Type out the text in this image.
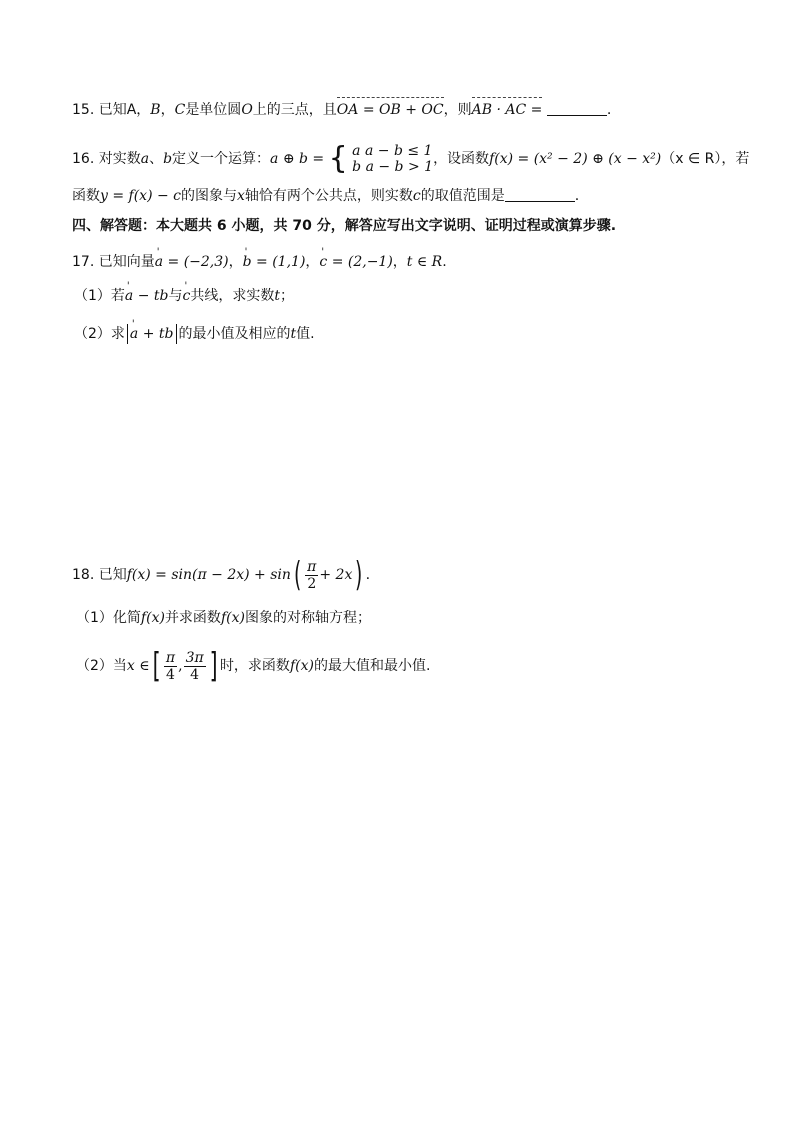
15. 已知A，B，C是单位圆O上的三点，且OA = OB + OC，则AB · AC =	.
16. 对实数a、b定义一个运算：a ⊕ b = { a a − b ≤ 1
b a − b > 1 ，设函数f(x) = (x² − 2) ⊕ (x − x²)（x ∈ R），若
函数y = f(x) − c的图象与x轴恰有两个公共点，则实数c的取值范围是	.
四、解答题：本大题共 6 小题，共 70 分，解答应写出文字说明、证明过程或演算步骤.
17. 已知向量' a = (−2,3)，' b = (1,1)，' c = (2,−1)，t ∈ R.
（1）若' a − tb与' c共线，求实数t；
（2）求' a + tb 的最小值及相应的t值.
18. 已知$f(x) = \sin(\pi - 2x) + \sin( \frac{\pi}{2} + 2x)$ .
（1）化简f(x)并求函数f(x)图象的对称轴方程；
（2）当x ∈[ $\frac{\pi}{4}$ , $\frac{3\pi}{4}$ ] 时，求函数f(x)的最大值和最小值.
